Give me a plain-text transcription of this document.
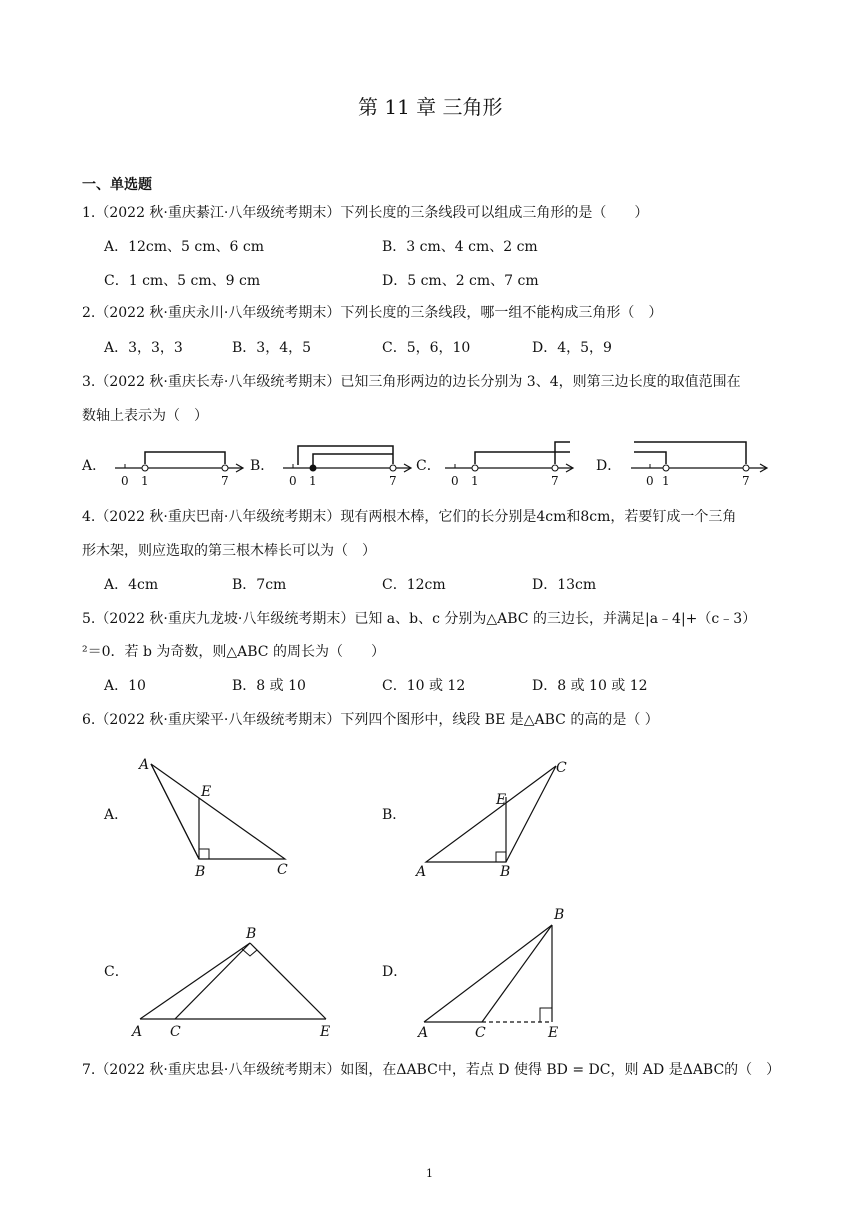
第 11 章 三角形
一、单选题
1.（2022 秋·重庆綦江·八年级统考期末）下列长度的三条线段可以组成三角形的是（　　）
A．12cm、5 cm、6 cm	B．3 cm、4 cm、2 cm
C．1 cm、5 cm、9 cm	D．5 cm、2 cm、7 cm
2.（2022 秋·重庆永川·八年级统考期末）下列长度的三条线段，哪一组不能构成三角形（　）
A．3，3，3	B．3，4，5	C．5，6，10	D．4，5，9
3.（2022 秋·重庆长寿·八年级统考期末）已知三角形两边的边长分别为 3、4，则第三边长度的取值范围在
数轴上表示为（　）
A．	B．	C．	D．
0 1	7	0 1	7	0 1	7	0 1	7
4.（2022 秋·重庆巴南·八年级统考期末）现有两根木棒，它们的长分别是4cm和8cm，若要钉成一个三角
形木架，则应选取的第三根木棒长可以为（　）
A．4cm	B．7cm	C．12cm	D．13cm
5.（2022 秋·重庆九龙坡·八年级统考期末）已知 a、b、c 分别为△ABC 的三边长，并满足|a﹣4|+（c﹣3）
²＝0．若 b 为奇数，则△ABC 的周长为（　　）
A．10	B．8 或 10	C．10 或 12	D．8 或 10 或 12
6.（2022 秋·重庆梁平·八年级统考期末）下列四个图形中，线段 BE 是△ABC 的高的是（ ）
A．	B．
C．	D．
A
E
B	C	A	B
E
C
B
A C	E
B
A	C	E
7.（2022 秋·重庆忠县·八年级统考期末）如图，在ΔABC中，若点 D 使得 BD = DC，则 AD 是ΔABC的（　）
1
